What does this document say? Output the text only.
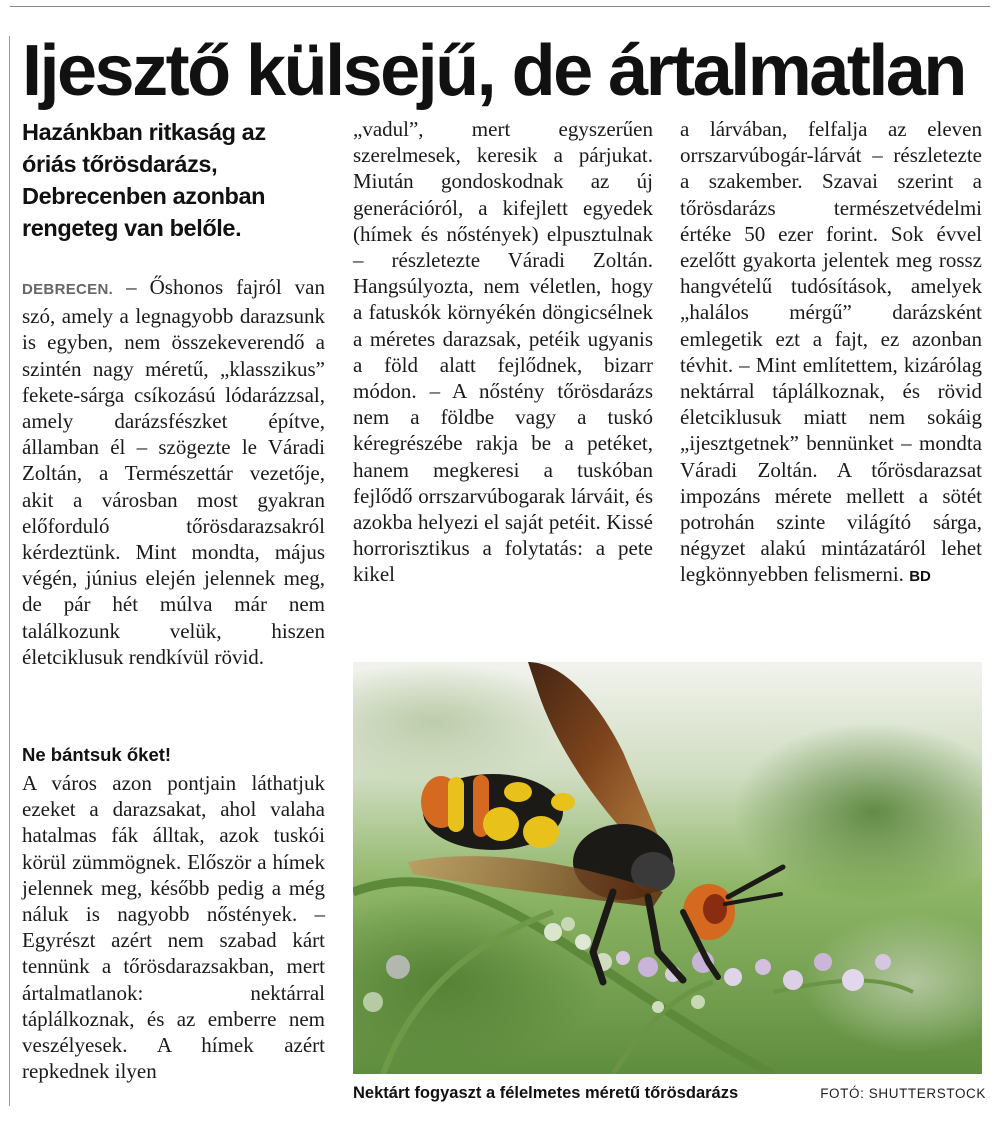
Ijesztő külsejű, de ártalmatlan
Hazánkban ritkaság az óriás tőrösdarázs, Debrecenben azonban rengeteg van belőle.

DEBRECEN. – Őshonos fajról van szó, amely a legnagyobb darazsunk is egyben, nem összekeverendő a szintén nagy méretű, „klasszikus” fekete-sárga csíkozású lódarázzsal, amely darázsfészket építve, államban él – szögezte le Váradi Zoltán, a Természettár vezetője, akit a városban most gyakran előforduló tőrösdarazsakról kérdeztünk. Mint mondta, május végén, június elején jelennek meg, de pár hét múlva már nem találkozunk velük, hiszen életciklusuk rendkívül rövid.

Ne bántsuk őket!

A város azon pontjain láthatjuk ezeket a darazsakat, ahol valaha hatalmas fák álltak, azok tuskói körül zümmögnek. Először a hímek jelennek meg, később pedig a még náluk is nagyobb nőstények. – Egyrészt azért nem szabad kárt tennünk a tőrösdarazsakban, mert ártalmatlanok: nektárral táplálkoznak, és az emberre nem veszélyesek. A hímek azért repkednek ilyen

„vadul”, mert egyszerűen szerelmesek, keresik a párjukat. Miután gondoskodnak az új generációról, a kifejlett egyedek (hímek és nőstények) elpusztulnak – részletezte Váradi Zoltán. Hangsúlyozta, nem véletlen, hogy a fatuskók környékén döngicsélnek a méretes darazsak, petéik ugyanis a föld alatt fejlődnek, bizarr módon. – A nőstény tőrösdarázs nem a földbe vagy a tuskó kéregrészébe rakja be a petéket, hanem megkeresi a tuskóban fejlődő orrszarvúbogarak lárváit, és azokba helyezi el saját petéit. Kissé horrorisztikus a folytatás: a pete kikel

a lárvában, felfalja az eleven orrszarvúbogár-lárvát – részletezte a szakember. Szavai szerint a tőrösdarázs természetvédelmi értéke 50 ezer forint. Sok évvel ezelőtt gyakorta jelentek meg rossz hangvételű tudósítások, amelyek „halálos mérgű” darázsként emlegetik ezt a fajt, ez azonban tévhit. – Mint említettem, kizárólag nektárral táplálkoznak, és rövid életciklusuk miatt nem sokáig „ijesztgetnek” bennünket – mondta Váradi Zoltán. A tőrösdarazsat impozáns mérete mellett a sötét potrohán szinte világító sárga, négyzet alakú mintázatáról lehet legkönnyebben felismerni. BD

Nektárt fogyaszt a félelmetes méretű tőrösdarázs	FOTÓ: SHUTTERSTOCK
